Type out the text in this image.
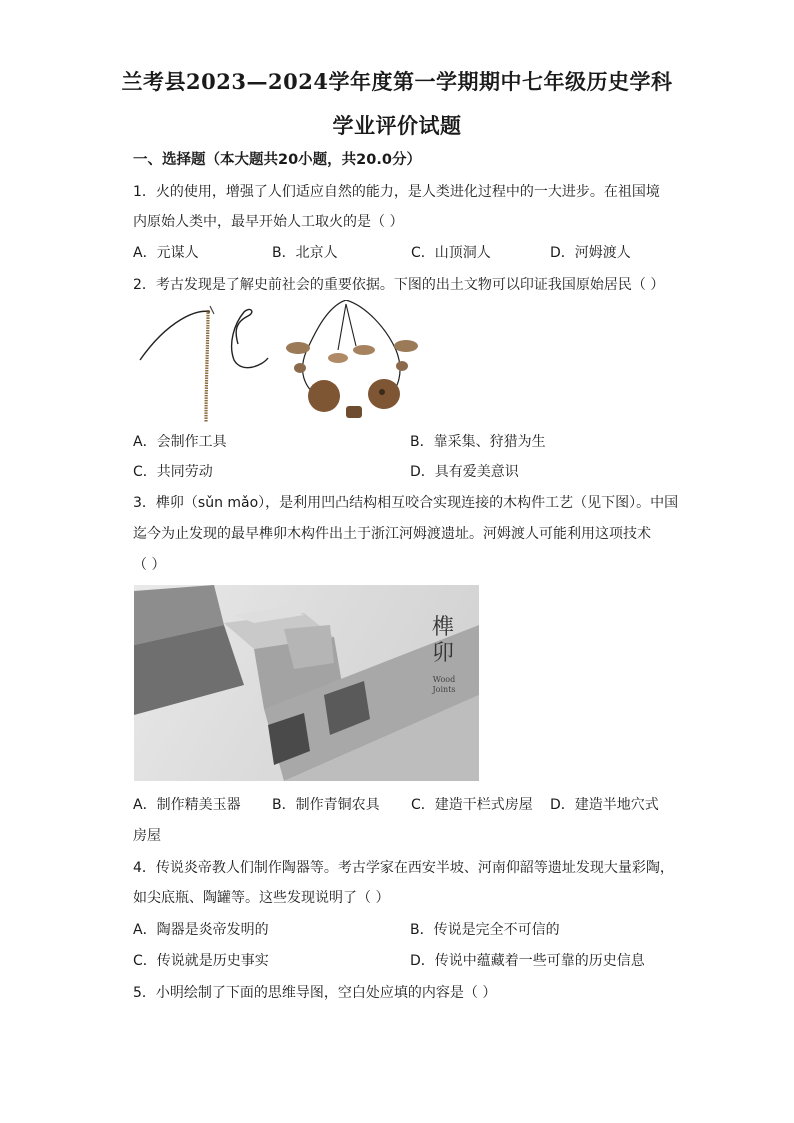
兰考县2023—2024学年度第一学期期中七年级历史学科
学业评价试题
一、选择题（本大题共20小题，共20.0分）
1．火的使用，增强了人们适应自然的能力，是人类进化过程中的一大进步。在祖国境
内原始人类中，最早开始人工取火的是（ ）
A．元谋人	B．北京人	C．山顶洞人	D．河姆渡人
2．考古发现是了解史前社会的重要依据。下图的出土文物可以印证我国原始居民（ ）
A．会制作工具	B．靠采集、狩猎为生
C．共同劳动	D．具有爱美意识
3．榫卯（sǔn mǎo），是利用凹凸结构相互咬合实现连接的木构件工艺（见下图）。中国
迄今为止发现的最早榫卯木构件出土于浙江河姆渡遗址。河姆渡人可能利用这项技术
（ ）
榫
卯
Wood
Joints
A．制作精美玉器 B．制作青铜农具 C．建造干栏式房屋 D．建造半地穴式
房屋
4．传说炎帝教人们制作陶器等。考古学家在西安半坡、河南仰韶等遗址发现大量彩陶，
如尖底瓶、陶罐等。这些发现说明了（ ）
A．陶器是炎帝发明的	B．传说是完全不可信的
C．传说就是历史事实	D．传说中蕴藏着一些可靠的历史信息
5．小明绘制了下面的思维导图，空白处应填的内容是（ ）
